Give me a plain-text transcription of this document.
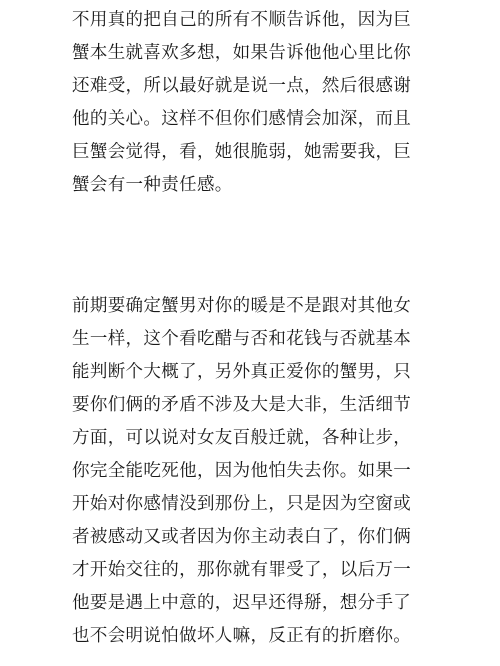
不用真的把自己的所有不顺告诉他，因为巨
蟹本生就喜欢多想，如果告诉他他心里比你
还难受，所以最好就是说一点，然后很感谢
他的关心。这样不但你们感情会加深，而且
巨蟹会觉得，看，她很脆弱，她需要我，巨
蟹会有一种责任感。
前期要确定蟹男对你的暖是不是跟对其他女
生一样，这个看吃醋与否和花钱与否就基本
能判断个大概了，另外真正爱你的蟹男，只
要你们俩的矛盾不涉及大是大非，生活细节
方面，可以说对女友百般迁就，各种让步，
你完全能吃死他，因为他怕失去你。如果一
开始对你感情没到那份上，只是因为空窗或
者被感动又或者因为你主动表白了，你们俩
才开始交往的，那你就有罪受了，以后万一
他要是遇上中意的，迟早还得掰，想分手了
也不会明说怕做坏人嘛，反正有的折磨你。
